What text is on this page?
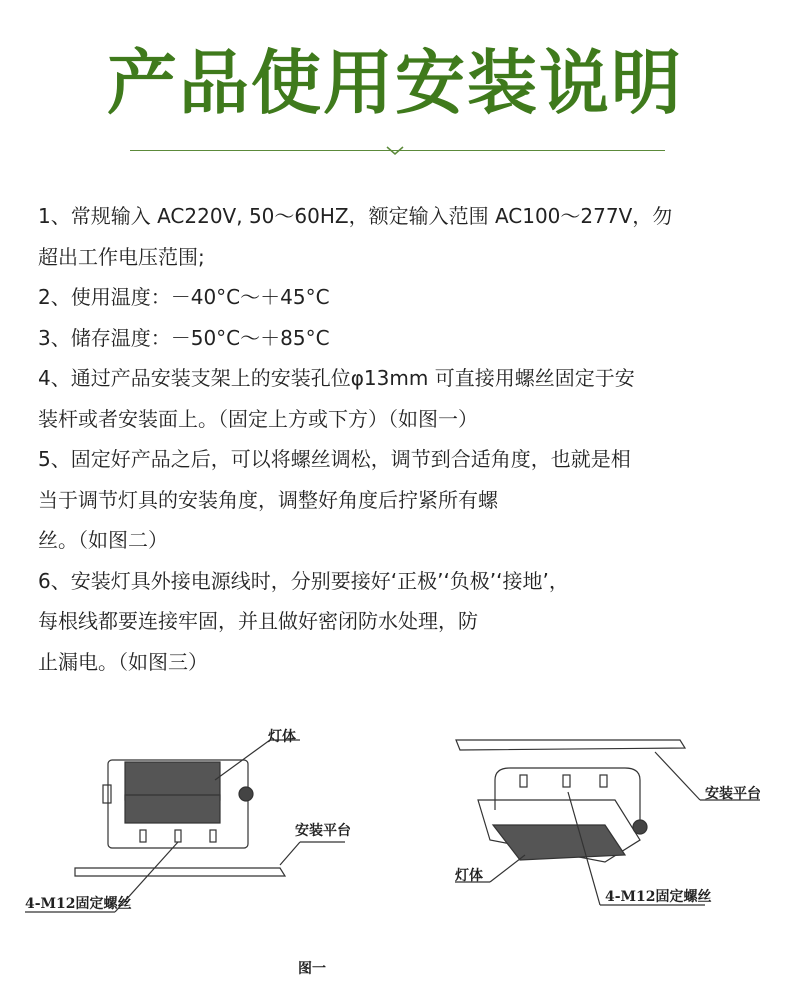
产品使用安装说明

1、常规输入 AC220V, 50～60HZ，额定输入范围 AC100～277V，勿

超出工作电压范围;

2、使用温度：－40°C～＋45°C

3、储存温度：－50°C～＋85°C

4、通过产品安装支架上的安装孔位φ13mm 可直接用螺丝固定于安

装杆或者安装面上。（固定上方或下方）（如图一）

5、固定好产品之后，可以将螺丝调松，调节到合适角度，也就是相

当于调节灯具的安装角度，调整好角度后拧紧所有螺

丝。（如图二）

6、安装灯具外接电源线时，分别要接好‘正极’‘负极’‘接地’，

每根线都要连接牢固，并且做好密闭防水处理，防

止漏电。（如图三）

灯体
安装平台
4-M12固定螺丝
安装平台
灯体
4-M12固定螺丝
图一
